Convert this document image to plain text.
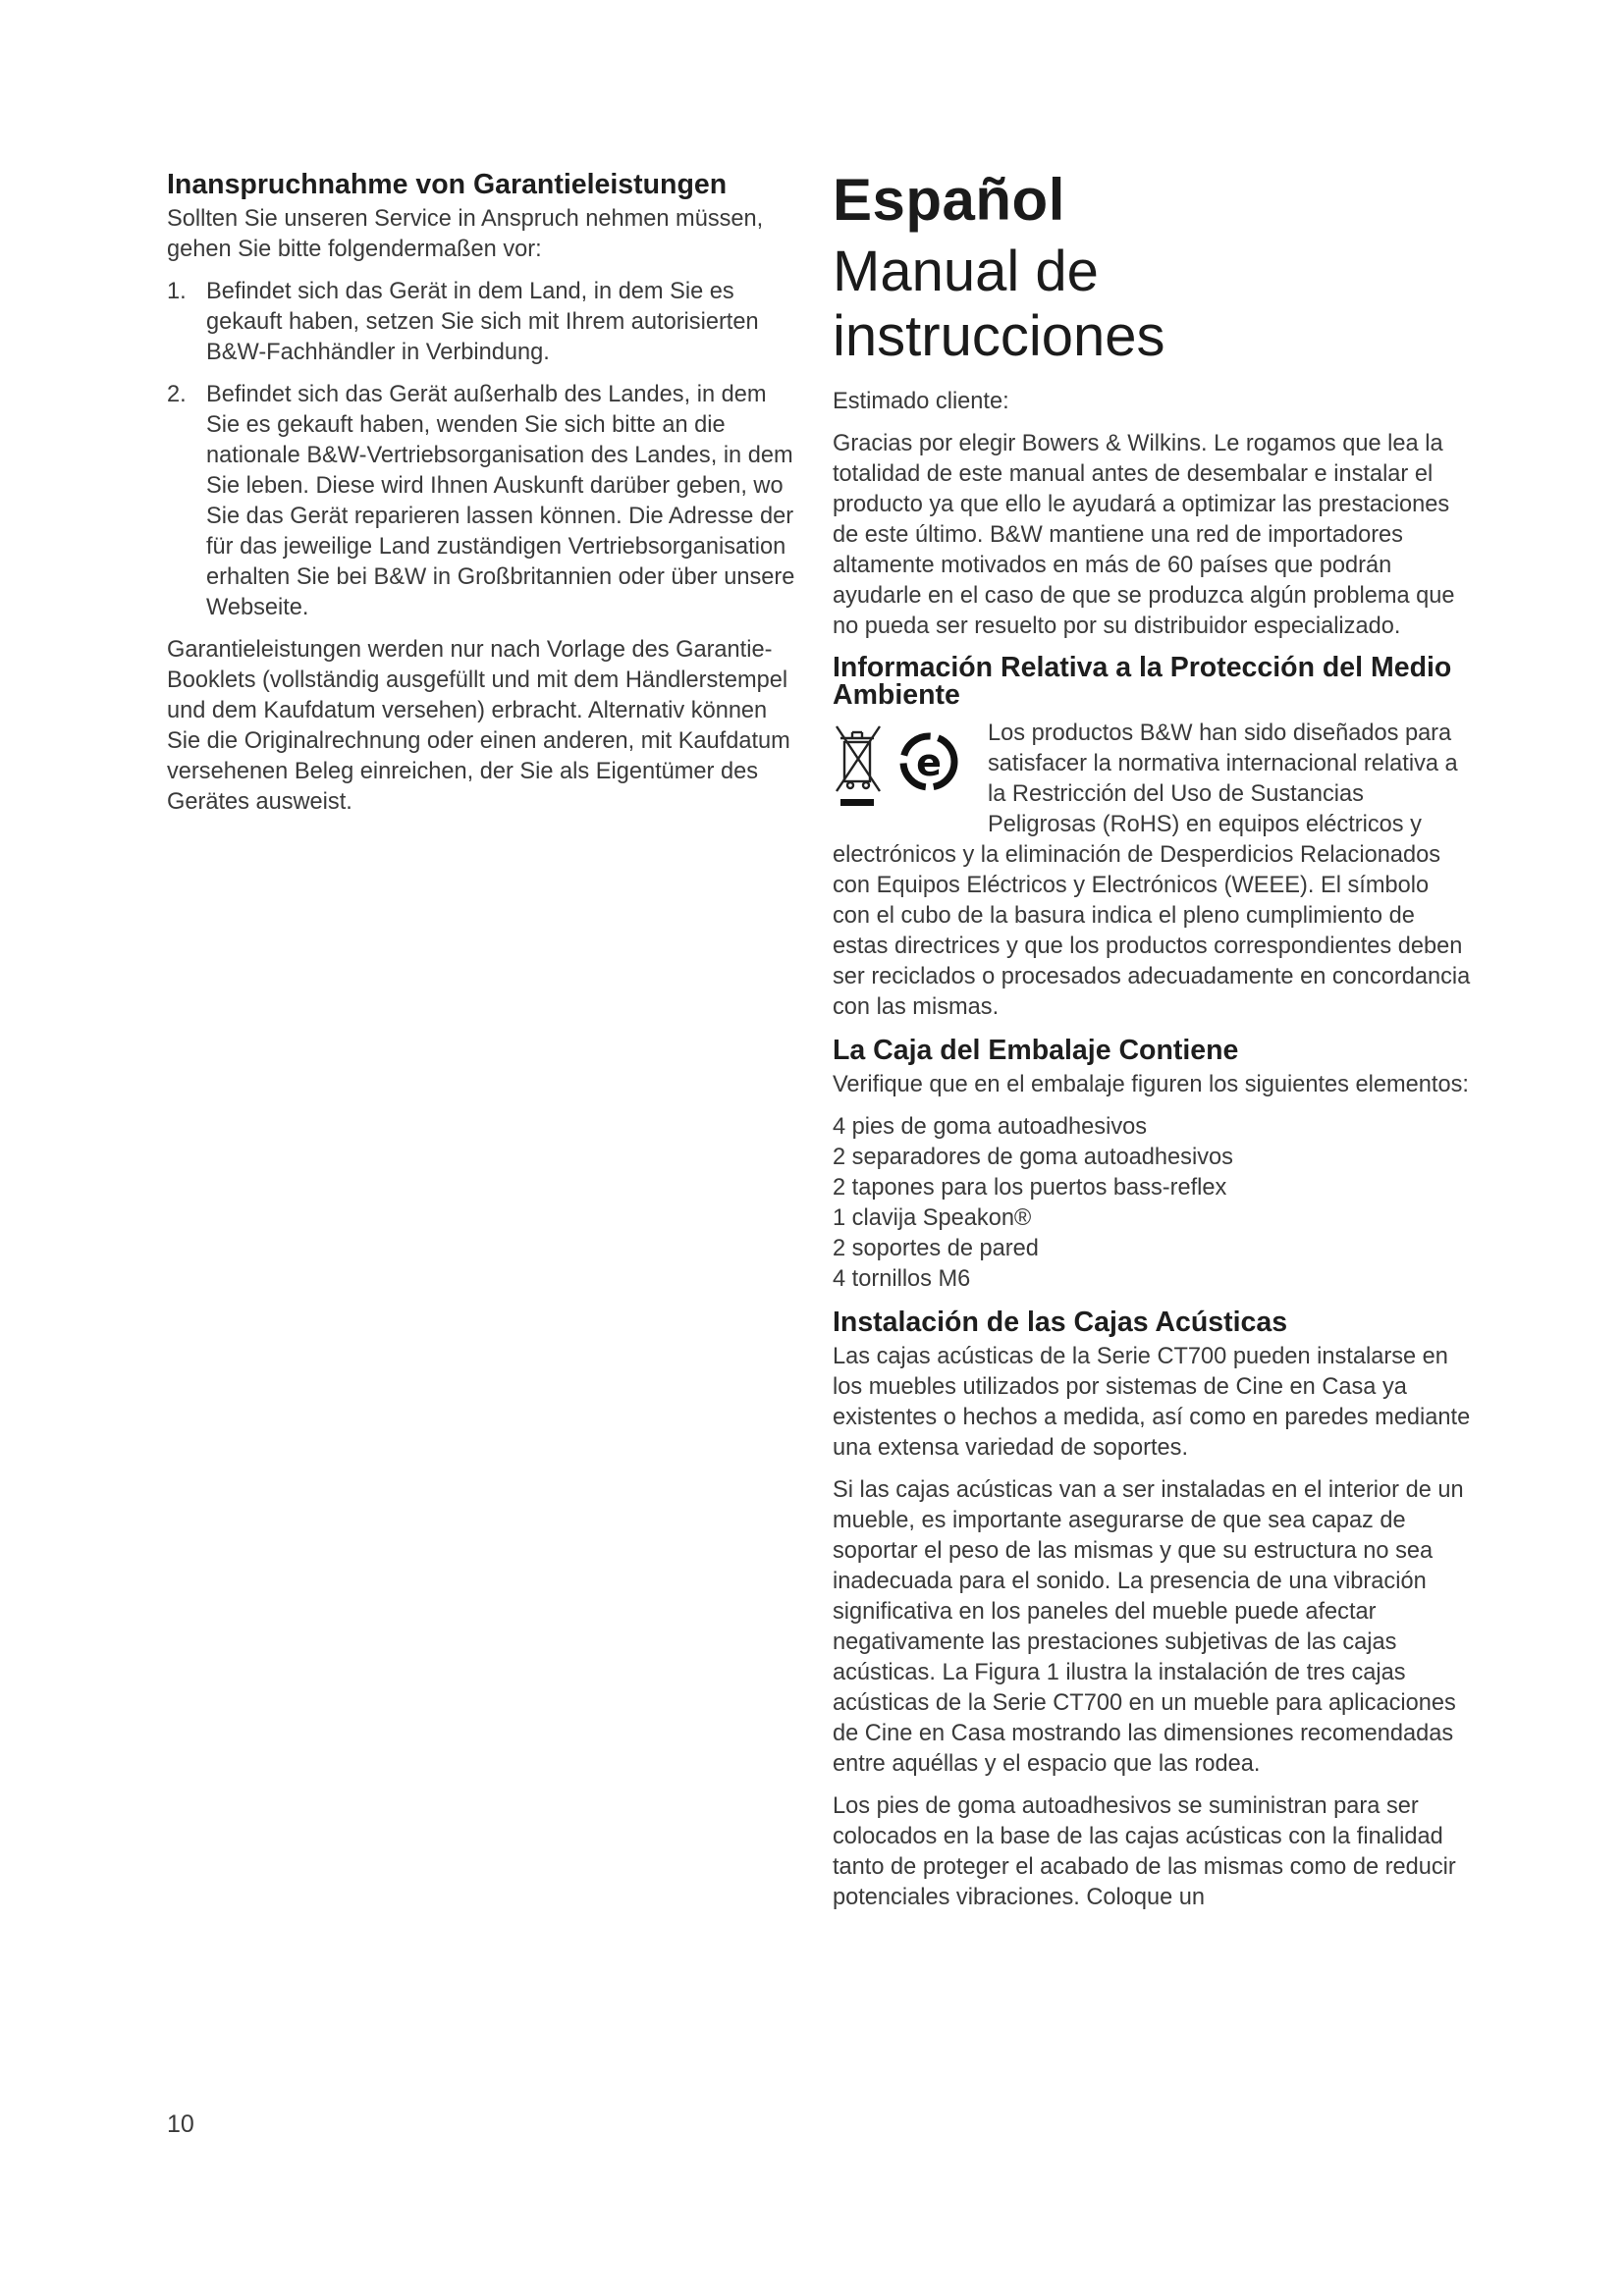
Inanspruchnahme von Garantieleistungen

Sollten Sie unseren Service in Anspruch nehmen müssen, gehen Sie bitte folgendermaßen vor:

1. Befindet sich das Gerät in dem Land, in dem Sie es gekauft haben, setzen Sie sich mit Ihrem autorisierten B&W-Fachhändler in Verbindung.
2. Befindet sich das Gerät außerhalb des Landes, in dem Sie es gekauft haben, wenden Sie sich bitte an die nationale B&W-Vertriebsorganisation des Landes, in dem Sie leben. Diese wird Ihnen Auskunft darüber geben, wo Sie das Gerät reparieren lassen können. Die Adresse der für das jeweilige Land zuständigen Vertriebsorganisation erhalten Sie bei B&W in Großbritannien oder über unsere Webseite.

Garantieleistungen werden nur nach Vorlage des Garantie-Booklets (vollständig ausgefüllt und mit dem Händlerstempel und dem Kaufdatum versehen) erbracht. Alternativ können Sie die Originalrechnung oder einen anderen, mit Kaufdatum versehenen Beleg einreichen, der Sie als Eigentümer des Gerätes ausweist.

Español

Manual de
instrucciones

Estimado cliente:

Gracias por elegir Bowers & Wilkins. Le rogamos que lea la totalidad de este manual antes de desembalar e instalar el producto ya que ello le ayudará a optimizar las prestaciones de este último. B&W mantiene una red de importadores altamente motivados en más de 60 países que podrán ayudarle en el caso de que se produzca algún problema que no pueda ser resuelto por su distribuidor especializado.

Información Relativa a la Protección del Medio Ambiente

e

Los productos B&W han sido diseñados para satisfacer la normativa internacional relativa a la Restricción del Uso de Sustancias Peligrosas (RoHS) en equipos eléctricos y electrónicos y la eliminación de Desperdicios Relacionados con Equipos Eléctricos y Electrónicos (WEEE). El símbolo con el cubo de la basura indica el pleno cumplimiento de estas directrices y que los productos correspondientes deben ser reciclados o procesados adecuadamente en concordancia con las mismas.

La Caja del Embalaje Contiene

Verifique que en el embalaje figuren los siguientes elementos:

4 pies de goma autoadhesivos

2 separadores de goma autoadhesivos

2 tapones para los puertos bass-reflex

1 clavija Speakon®

2 soportes de pared

4 tornillos M6

Instalación de las Cajas Acústicas

Las cajas acústicas de la Serie CT700 pueden instalarse en los muebles utilizados por sistemas de Cine en Casa ya existentes o hechos a medida, así como en paredes mediante una extensa variedad de soportes.

Si las cajas acústicas van a ser instaladas en el interior de un mueble, es importante asegurarse de que sea capaz de soportar el peso de las mismas y que su estructura no sea inadecuada para el sonido. La presencia de una vibración significativa en los paneles del mueble puede afectar negativamente las prestaciones subjetivas de las cajas acústicas. La Figura 1 ilustra la instalación de tres cajas acústicas de la Serie CT700 en un mueble para aplicaciones de Cine en Casa mostrando las dimensiones recomendadas entre aquéllas y el espacio que las rodea.

Los pies de goma autoadhesivos se suministran para ser colocados en la base de las cajas acústicas con la finalidad tanto de proteger el acabado de las mismas como de reducir potenciales vibraciones. Coloque un

10
